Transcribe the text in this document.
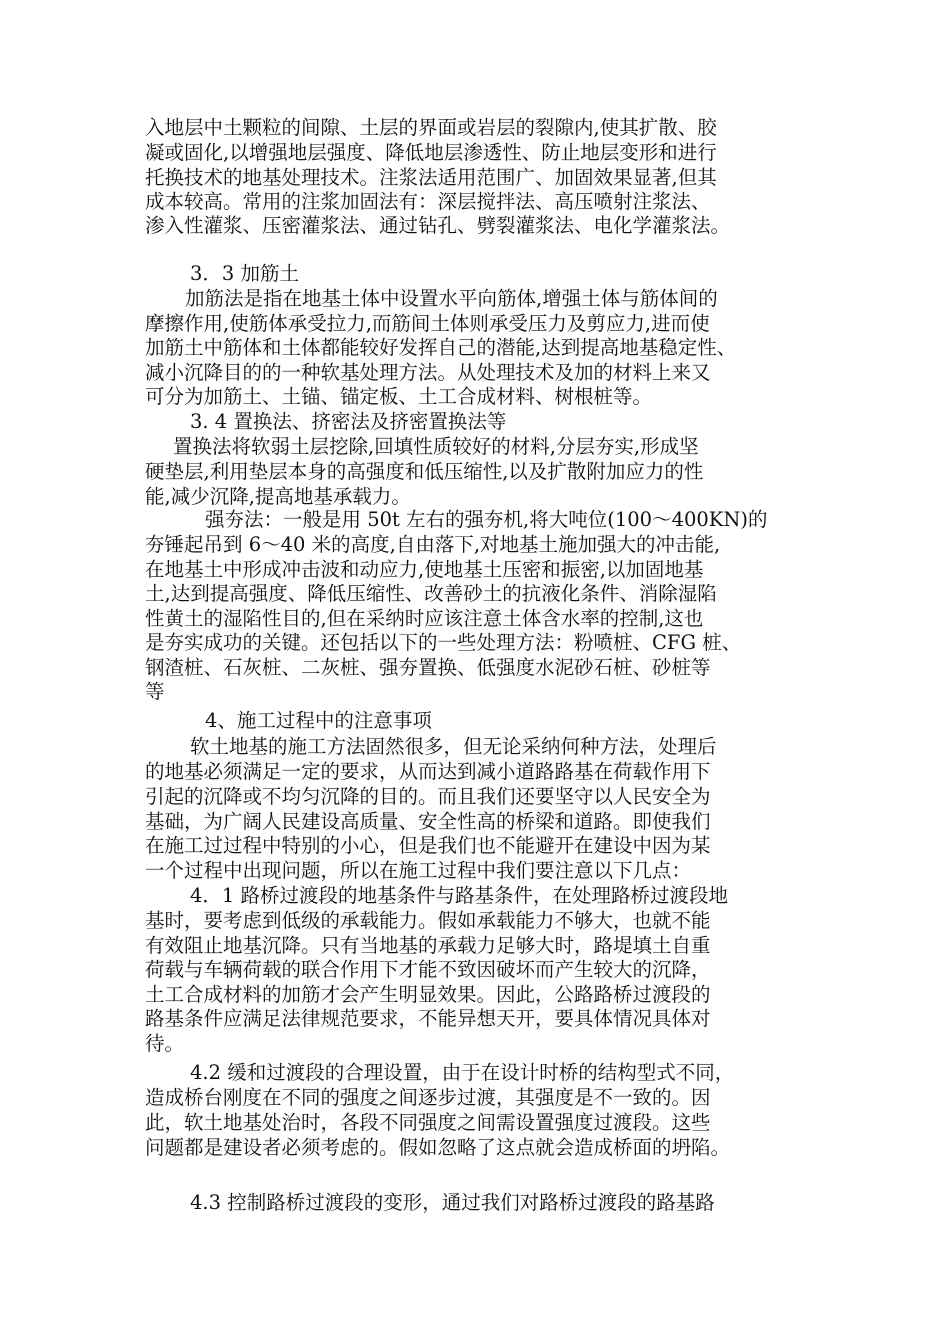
入地层中土颗粒的间隙、土层的界面或岩层的裂隙内,使其扩散、胶
凝或固化,以增强地层强度、降低地层渗透性、防止地层变形和进行
托换技术的地基处理技术。注浆法适用范围广、加固效果显著,但其
成本较高。常用的注浆加固法有：深层搅拌法、高压喷射注浆法、
渗入性灌浆、压密灌浆法、通过钻孔、劈裂灌浆法、电化学灌浆法。
3．3 加筋土
加筋法是指在地基土体中设置水平向筋体,增强土体与筋体间的
摩擦作用,使筋体承受拉力,而筋间土体则承受压力及剪应力,进而使
加筋土中筋体和土体都能较好发挥自己的潜能,达到提高地基稳定性、
减小沉降目的的一种软基处理方法。从处理技术及加的材料上来又
可分为加筋土、土锚、锚定板、土工合成材料、树根桩等。
3. 4 置换法、挤密法及挤密置换法等
置换法将软弱土层挖除,回填性质较好的材料,分层夯实,形成坚
硬垫层,利用垫层本身的高强度和低压缩性,以及扩散附加应力的性
能,减少沉降,提高地基承载力。
强夯法：一般是用 50t 左右的强夯机,将大吨位(100～400KN)的
夯锤起吊到 6～40 米的高度,自由落下,对地基土施加强大的冲击能,
在地基土中形成冲击波和动应力,使地基土压密和振密,以加固地基
土,达到提高强度、降低压缩性、改善砂土的抗液化条件、消除湿陷
性黄土的湿陷性目的,但在采纳时应该注意土体含水率的控制,这也
是夯实成功的关键。还包括以下的一些处理方法：粉喷桩、CFG 桩、
钢渣桩、石灰桩、二灰桩、强夯置换、低强度水泥砂石桩、砂桩等
等
4、施工过程中的注意事项
软土地基的施工方法固然很多，但无论采纳何种方法，处理后
的地基必须满足一定的要求，从而达到减小道路路基在荷载作用下
引起的沉降或不均匀沉降的目的。而且我们还要坚守以人民安全为
基础，为广阔人民建设高质量、安全性高的桥梁和道路。即使我们
在施工过过程中特别的小心，但是我们也不能避开在建设中因为某
一个过程中出现问题，所以在施工过程中我们要注意以下几点：
4．1 路桥过渡段的地基条件与路基条件，在处理路桥过渡段地
基时，要考虑到低级的承载能力。假如承载能力不够大，也就不能
有效阻止地基沉降。只有当地基的承载力足够大时，路堤填土自重
荷载与车辆荷载的联合作用下才能不致因破坏而产生较大的沉降，
土工合成材料的加筋才会产生明显效果。因此，公路路桥过渡段的
路基条件应满足法律规范要求，不能异想天开，要具体情况具体对
待。
4.2 缓和过渡段的合理设置，由于在设计时桥的结构型式不同，
造成桥台刚度在不同的强度之间逐步过渡，其强度是不一致的。因
此，软土地基处治时，各段不同强度之间需设置强度过渡段。这些
问题都是建设者必须考虑的。假如忽略了这点就会造成桥面的坍陷。
4.3 控制路桥过渡段的变形，通过我们对路桥过渡段的路基路
